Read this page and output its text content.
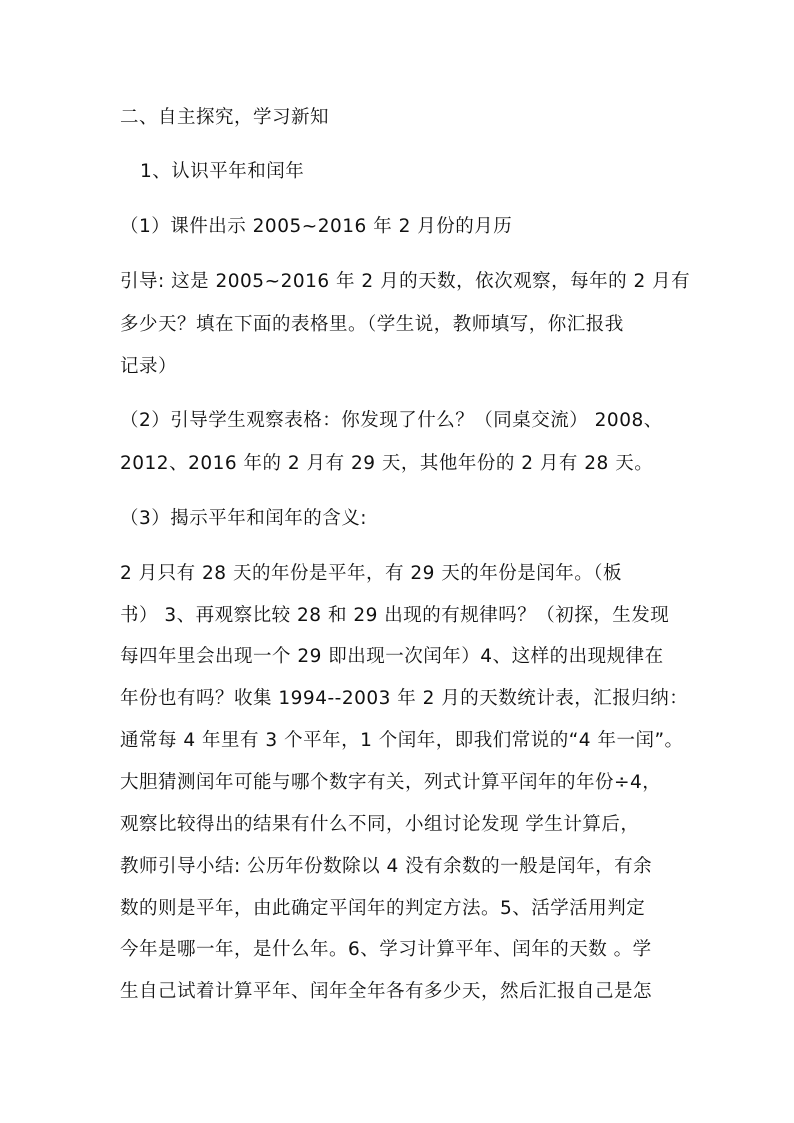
二、自主探究，学习新知
1、认识平年和闰年
（1）课件出示 2005~2016 年 2 月份的月历
引导: 这是 2005~2016 年 2 月的天数，依次观察，每年的 2 月有
多少天？填在下面的表格里。（学生说，教师填写，你汇报我
记录）
（2）引导学生观察表格：你发现了什么？（同桌交流） 2008、
2012、2016 年的 2 月有 29 天，其他年份的 2 月有 28 天。
（3）揭示平年和闰年的含义:
2 月只有 28 天的年份是平年，有 29 天的年份是闰年。（板
书） 3、再观察比较 28 和 29 出现的有规律吗？（初探，生发现
每四年里会出现一个 29 即出现一次闰年）4、这样的出现规律在
年份也有吗？收集 1994--2003 年 2 月的天数统计表，汇报归纳：
通常每 4 年里有 3 个平年，1 个闰年，即我们常说的“4 年一闰”。
大胆猜测闰年可能与哪个数字有关，列式计算平闰年的年份÷4，
观察比较得出的结果有什么不同，小组讨论发现 学生计算后，
教师引导小结: 公历年份数除以 4 没有余数的一般是闰年，有余
数的则是平年，由此确定平闰年的判定方法。5、活学活用判定
今年是哪一年，是什么年。6、学习计算平年、闰年的天数 。学
生自己试着计算平年、闰年全年各有多少天，然后汇报自己是怎
